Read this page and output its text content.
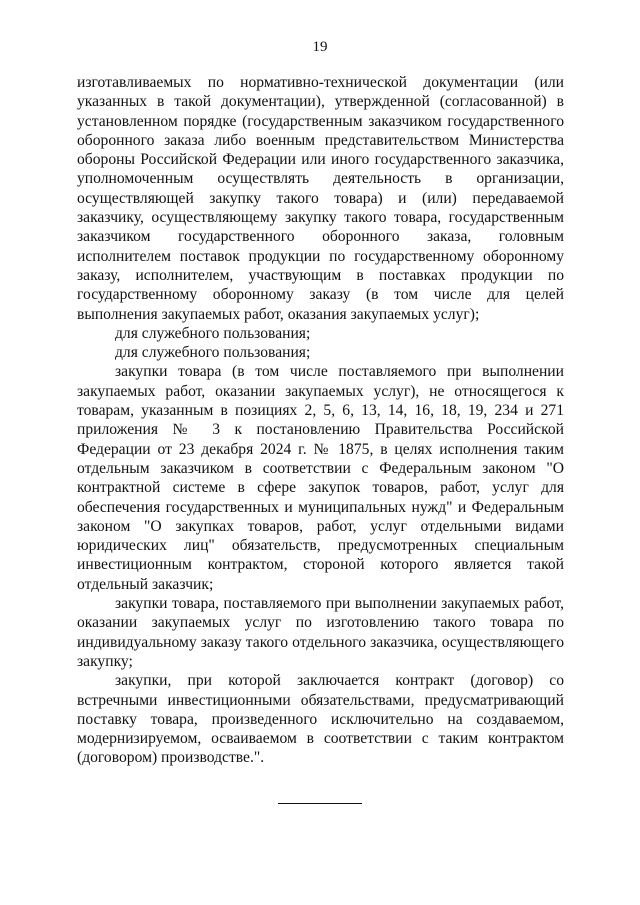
19

изготавливаемых по нормативно-технической документации (или указанных в такой документации), утвержденной (согласованной) в установленном порядке (государственным заказчиком государственного оборонного заказа либо военным представительством Министерства обороны Российской Федерации или иного государственного заказчика, уполномоченным осуществлять деятельность в организации, осуществляющей закупку такого товара) и (или) передаваемой заказчику, осуществляющему закупку такого товара, государственным заказчиком государственного оборонного заказа, головным исполнителем поставок продукции по государственному оборонному заказу, исполнителем, участвующим в поставках продукции по государственному оборонному заказу (в том числе для целей выполнения закупаемых работ, оказания закупаемых услуг);

для служебного пользования;

для служебного пользования;

закупки товара (в том числе поставляемого при выполнении закупаемых работ, оказании закупаемых услуг), не относящегося к товарам, указанным в позициях 2, 5, 6, 13, 14, 16, 18, 19, 234 и 271 приложения № 3 к постановлению Правительства Российской Федерации от 23 декабря 2024 г. № 1875, в целях исполнения таким отдельным заказчиком в соответствии с Федеральным законом "О контрактной системе в сфере закупок товаров, работ, услуг для обеспечения государственных и муниципальных нужд" и Федеральным законом "О закупках товаров, работ, услуг отдельными видами юридических лиц" обязательств, предусмотренных специальным инвестиционным контрактом, стороной которого является такой отдельный заказчик;

закупки товара, поставляемого при выполнении закупаемых работ, оказании закупаемых услуг по изготовлению такого товара по индивидуальному заказу такого отдельного заказчика, осуществляющего закупку;

закупки, при которой заключается контракт (договор) со встречными инвестиционными обязательствами, предусматривающий поставку товара, произведенного исключительно на создаваемом, модернизируемом, осваиваемом в соответствии с таким контрактом (договором) производстве.".
